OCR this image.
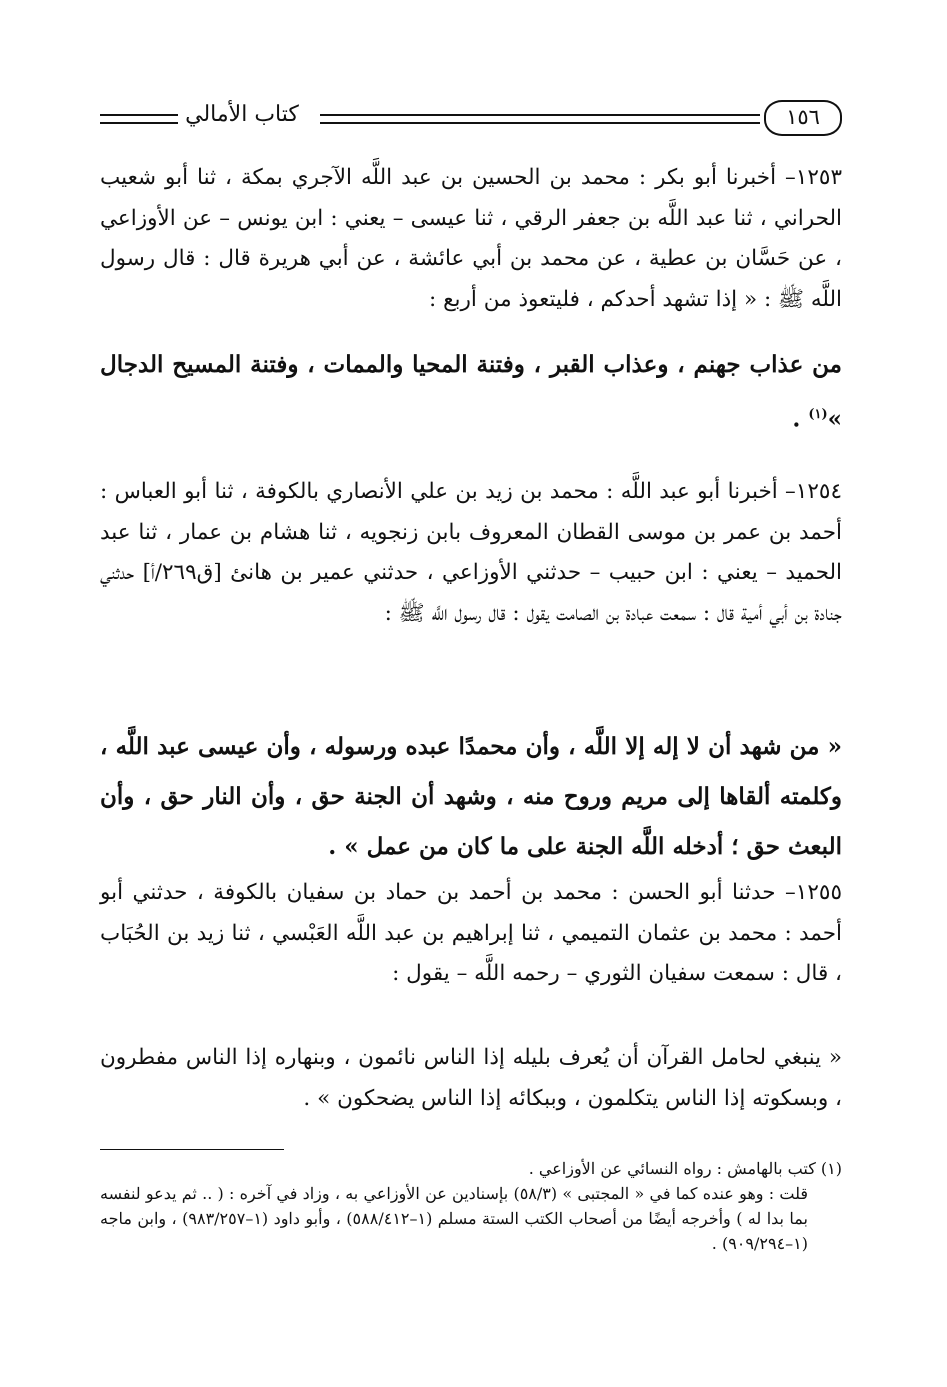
١٥٦
كتاب الأمالي

١٢٥٣– أخبرنا أبو بكر : محمد بن الحسين بن عبد اللَّه الآجري بمكة ، ثنا أبو شعيب الحراني ، ثنا عبد اللَّه بن جعفر الرقي ، ثنا عيسى – يعني : ابن يونس – عن الأوزاعي ، عن حَسَّان بن عطية ، عن محمد بن أبي عائشة ، عن أبي هريرة قال : قال رسول اللَّه ﷺ : « إذا تشهد أحدكم ، فليتعوذ من أربع :

من عذاب جهنم ، وعذاب القبر ، وفتنة المحيا والممات ، وفتنة المسيح الدجال »$^{(١)}$ .

١٢٥٤– أخبرنا أبو عبد اللَّه : محمد بن زيد بن علي الأنصاري بالكوفة ، ثنا أبو العباس : أحمد بن عمر بن موسى القطان المعروف بابن زنجويه ، ثنا هشام بن عمار ، ثنا عبد الحميد – يعني : ابن حبيب – حدثني الأوزاعي ، حدثني عمير بن هانئ [ق٢٦٩/أ] حدثني جنادة بن أبي أمية قال : سمعت عبادة بن الصامت يقول : قال رسول اللَّه ﷺ :

« من شهد أن لا إله إلا اللَّه ، وأن محمدًا عبده ورسوله ، وأن عيسى عبد اللَّه ، وكلمته ألقاها إلى مريم وروح منه ، وشهد أن الجنة حق ، وأن النار حق ، وأن البعث حق ؛ أدخله اللَّه الجنة على ما كان من عمل » .

١٢٥٥– حدثنا أبو الحسن : محمد بن أحمد بن حماد بن سفيان بالكوفة ، حدثني أبو أحمد : محمد بن عثمان التميمي ، ثنا إبراهيم بن عبد اللَّه العَبْسي ، ثنا زيد بن الحُبَاب ، قال : سمعت سفيان الثوري – رحمه اللَّه – يقول :

« ينبغي لحامل القرآن أن يُعرف بليله إذا الناس نائمون ، وبنهاره إذا الناس مفطرون ، وبسكوته إذا الناس يتكلمون ، وببكائه إذا الناس يضحكون » .

(١) كتب بالهامش : رواه النسائي عن الأوزاعي .

قلت : وهو عنده كما في « المجتبى » (٥٨/٣) بإسنادين عن الأوزاعي به ، وزاد في آخره : ( .. ثم يدعو لنفسه بما بدا له ) وأخرجه أيضًا من أصحاب الكتب الستة مسلم (١–٥٨٨/٤١٢) ، وأبو داود (١–٩٨٣/٢٥٧) ، وابن ماجه (١–٩٠٩/٢٩٤) .
